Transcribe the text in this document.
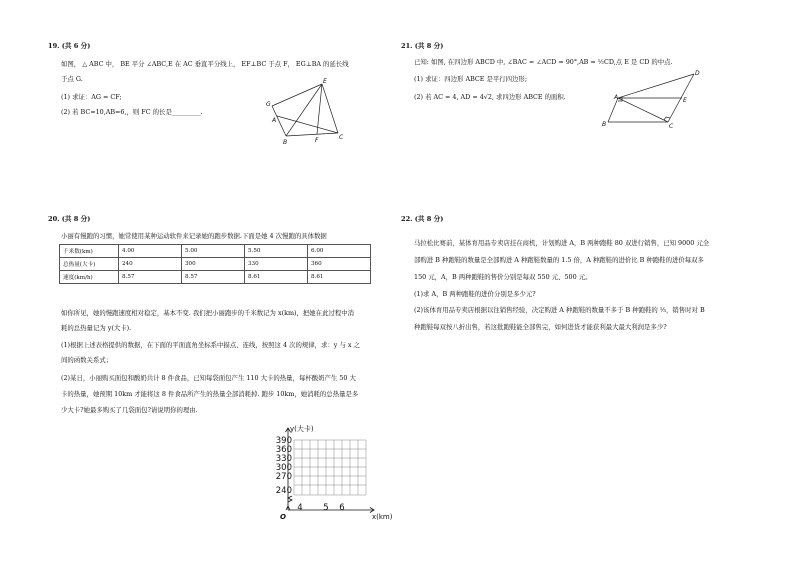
19. (共 6 分)
如图， △ ABC 中， BE 平分 ∠ABC,E 在 AC 垂直平分线上， EF⊥BC 于点 F， EG⊥BA 的延长线
于点 G.
(1) 求证：AG = CF;
(2) 若 BC=10,AB=6,，则 FC 的长是_________.
E
G
A
B	F	C
21. (共 8 分)
已知: 如图, 在四边形 ABCD 中, ∠BAC = ∠ACD = 90°,AB = ½CD,点 E 是 CD 的中点.
(1) 求证：四边形 ABCE 是平行四边形;
(2) 若 AC = 4, AD = 4√2, 求四边形 ABCE 的面积.	A
B	C
D
E
20. (共 8 分)
小丽有慢跑的习惯，她常使用某种运动软件来记录她的跑步数据.下面是她 4 次慢跑的具体数据
千米数(km)	4.00	5.00	5.50	6.00
总热量(大卡)	240	300	330	360
速度(km/h)	8.57	8.57	8.61	8.61
如你所见，她的慢跑速度相对稳定，基本不变. 我们把小丽跑步的千米数记为 x(km)，把她在此过程中消
耗的总热量记为 y(大卡).
(1)根据上述表格提供的数据，在下面的平面直角坐标系中描点、连线，按照这 4 次的规律，求：y 与 x 之
间的函数关系式；
(2)某日，小丽购买面包和酸奶共计 8 件食品，已知每袋面包产生 110 大卡的热量，每杯酸奶产生 50 大
卡的热量，她预期 10km 才能将这 8 件食品所产生的热量全部消耗掉. 跑步 10km，她消耗的总热量是多
少大卡?她最多购买了几袋面包?请说明你的理由.
y(大卡)
x(km)
O
390
360
330
300
270
240
4 5 6
22. (共 8 分)
马拉松比赛前，某体育用品专卖店挂在商机，计划购进 A，B 两种跑鞋 80 双进行销售，已知 9000 元全
部购进 B 种跑鞋的数量是全部购进 A 种跑鞋数量的 1.5 倍，A 种跑鞋的进价比 B 种跑鞋的进价每双多
150 元，A，B 两种跑鞋的售价分别是每双 550 元、500 元。
(1)求 A，B 两种跑鞋的进价分别是多少元?
(2)该体育用品专卖店根据以往销售经验，决定购进 A 种跑鞋的数量不多于 B 种跑鞋的 ⅓，销售时对 B
种跑鞋每双按八折出售，若这批跑鞋能全部售完，如何进货才能获利最大最大利润是多少?
